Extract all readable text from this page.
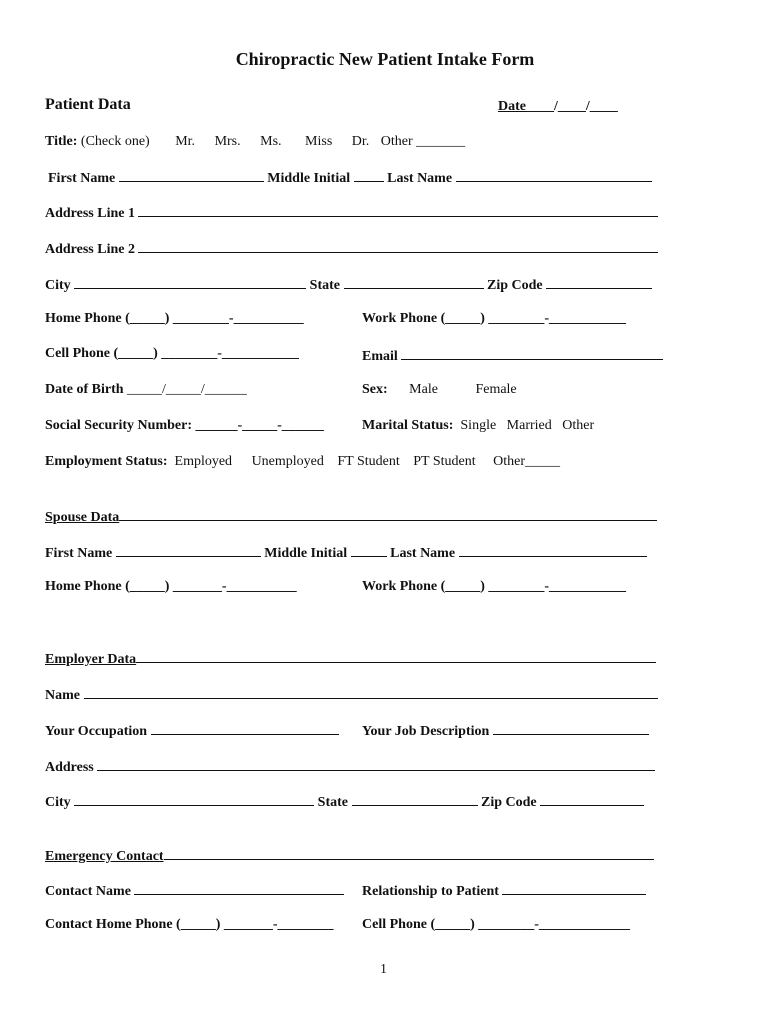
Chiropractic New Patient Intake Form
Patient Data	Date____/____/____
Title: (Check one) Mr. Mrs. Ms. Miss Dr. Other _______
First Name	Middle Initial	Last Name
Address Line 1
Address Line 2
City	State	Zip Code
Home Phone (_____) ________-__________	Work Phone (_____) ________-___________
Cell Phone (_____) ________-___________	Email
Date of Birth _____/_____/______	Sex: Male	Female
Social Security Number: ______-_____-______	Marital Status: Single Married Other
Employment Status: Employed Unemployed FT Student PT Student Other_____
Spouse Data
First Name	Middle Initial	Last Name
Home Phone (_____) _______-__________	Work Phone (_____) ________-___________
Employer Data
Name
Your Occupation	Your Job Description
Address
City	State	Zip Code
Emergency Contact
Contact Name	Relationship to Patient
Contact Home Phone (_____) _______-________ Cell Phone (_____) ________-_____________
1
